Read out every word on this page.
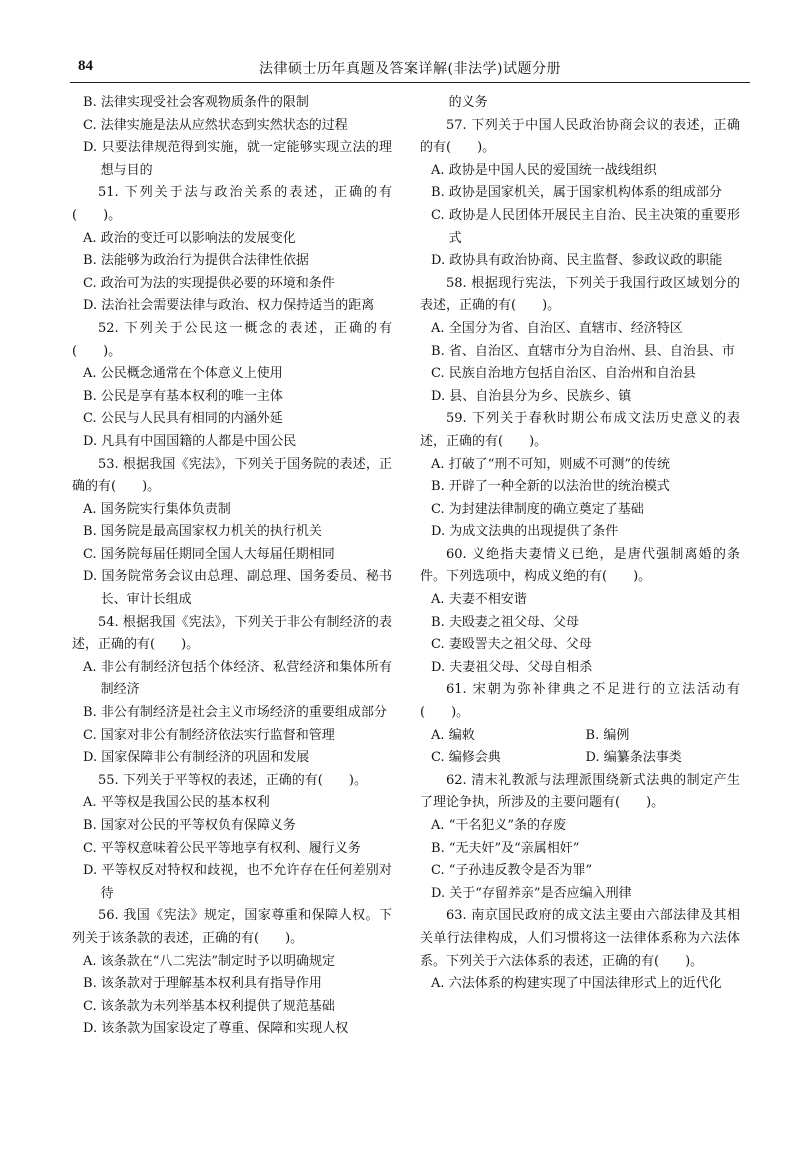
84	法律硕士历年真题及答案详解(非法学)试题分册

B. 法律实现受社会客观物质条件的限制

C. 法律实施是法从应然状态到实然状态的过程

D. 只要法律规范得到实施，就一定能够实现立法的理想与目的

51. 下列关于法与政治关系的表述，正确的有(　　)。

A. 政治的变迁可以影响法的发展变化

B. 法能够为政治行为提供合法律性依据

C. 政治可为法的实现提供必要的环境和条件

D. 法治社会需要法律与政治、权力保持适当的距离

52. 下列关于公民这一概念的表述，正确的有(　　)。

A. 公民概念通常在个体意义上使用

B. 公民是享有基本权利的唯一主体

C. 公民与人民具有相同的内涵外延

D. 凡具有中国国籍的人都是中国公民

53. 根据我国《宪法》，下列关于国务院的表述，正确的有(　　)。

A. 国务院实行集体负责制

B. 国务院是最高国家权力机关的执行机关

C. 国务院每届任期同全国人大每届任期相同

D. 国务院常务会议由总理、副总理、国务委员、秘书长、审计长组成

54. 根据我国《宪法》，下列关于非公有制经济的表述，正确的有(　　)。

A. 非公有制经济包括个体经济、私营经济和集体所有制经济

B. 非公有制经济是社会主义市场经济的重要组成部分

C. 国家对非公有制经济依法实行监督和管理

D. 国家保障非公有制经济的巩固和发展

55. 下列关于平等权的表述，正确的有(　　)。

A. 平等权是我国公民的基本权利

B. 国家对公民的平等权负有保障义务

C. 平等权意味着公民平等地享有权利、履行义务

D. 平等权反对特权和歧视，也不允许存在任何差别对待

56. 我国《宪法》规定，国家尊重和保障人权。下列关于该条款的表述，正确的有(　　)。

A. 该条款在“八二宪法”制定时予以明确规定

B. 该条款对于理解基本权利具有指导作用

C. 该条款为未列举基本权利提供了规范基础

D. 该条款为国家设定了尊重、保障和实现人权

的义务

57. 下列关于中国人民政治协商会议的表述，正确的有(　　)。

A. 政协是中国人民的爱国统一战线组织

B. 政协是国家机关，属于国家机构体系的组成部分

C. 政协是人民团体开展民主自治、民主决策的重要形式

D. 政协具有政治协商、民主监督、参政议政的职能

58. 根据现行宪法，下列关于我国行政区域划分的表述，正确的有(　　)。

A. 全国分为省、自治区、直辖市、经济特区

B. 省、自治区、直辖市分为自治州、县、自治县、市

C. 民族自治地方包括自治区、自治州和自治县

D. 县、自治县分为乡、民族乡、镇

59. 下列关于春秋时期公布成文法历史意义的表述，正确的有(　　)。

A. 打破了“刑不可知，则威不可测”的传统

B. 开辟了一种全新的以法治世的统治模式

C. 为封建法律制度的确立奠定了基础

D. 为成文法典的出现提供了条件

60. 义绝指夫妻情义已绝，是唐代强制离婚的条件。下列选项中，构成义绝的有(　　)。

A. 夫妻不相安谐

B. 夫殴妻之祖父母、父母

C. 妻殴詈夫之祖父母、父母

D. 夫妻祖父母、父母自相杀

61. 宋朝为弥补律典之不足进行的立法活动有(　　)。

A. 编敕	B. 编例
C. 编修会典	D. 编纂条法事类

62. 清末礼教派与法理派围绕新式法典的制定产生了理论争执，所涉及的主要问题有(　　)。

A. “干名犯义”条的存废

B. “无夫奸”及“亲属相奸”

C. “子孙违反教令是否为罪”

D. 关于“存留养亲”是否应编入刑律

63. 南京国民政府的成文法主要由六部法律及其相关单行法律构成，人们习惯将这一法律体系称为六法体系。下列关于六法体系的表述，正确的有(　　)。

A. 六法体系的构建实现了中国法律形式上的近代化
